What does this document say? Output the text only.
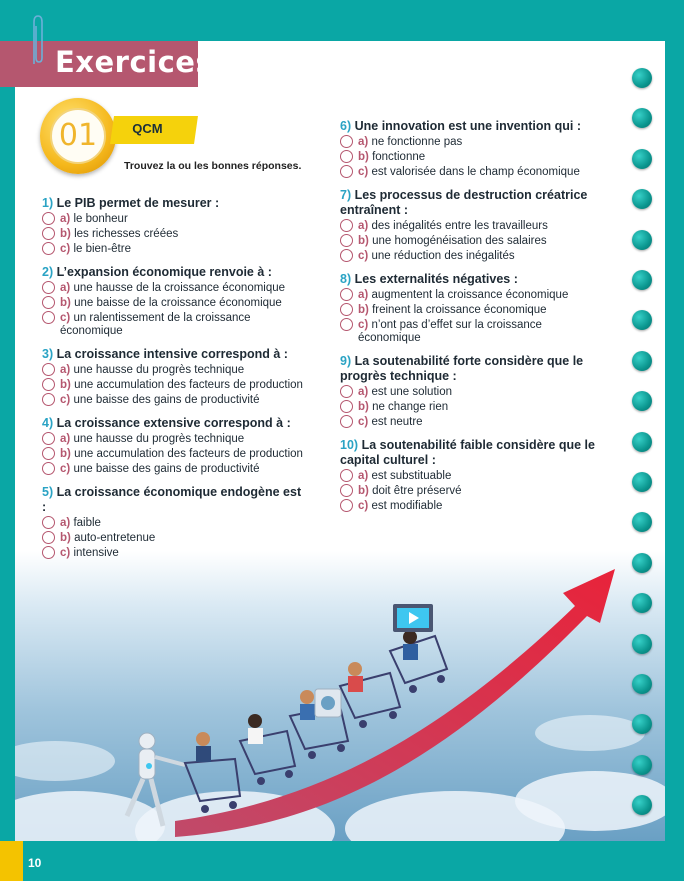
Exercices
01	QCM
Trouvez la ou les bonnes réponses.
1) Le PIB permet de mesurer :
a) le bonheur
b) les richesses créées
c) le bien-être
2) L’expansion économique renvoie à :
a) une hausse de la croissance économique
b) une baisse de la croissance économique
c) un ralentissement de la croissance économique
3) La croissance intensive correspond à :
a) une hausse du progrès technique
b) une accumulation des facteurs de production
c) une baisse des gains de productivité
4) La croissance extensive correspond à :
a) une hausse du progrès technique
b) une accumulation des facteurs de production
c) une baisse des gains de productivité
5) La croissance économique endogène est :
a) faible
b) auto-entretenue
c) intensive
6) Une innovation est une invention qui :
a) ne fonctionne pas
b) fonctionne
c) est valorisée dans le champ économique
7) Les processus de destruction créatrice entraînent :
a) des inégalités entre les travailleurs
b) une homogénéisation des salaires
c) une réduction des inégalités
8) Les externalités négatives :
a) augmentent la croissance économique
b) freinent la croissance économique
c) n’ont pas d’effet sur la croissance économique
9) La soutenabilité forte considère que le progrès technique :
a) est une solution
b) ne change rien
c) est neutre
10) La soutenabilité faible considère que le capital culturel :
a) est substituable
b) doit être préservé
c) est modifiable
10
